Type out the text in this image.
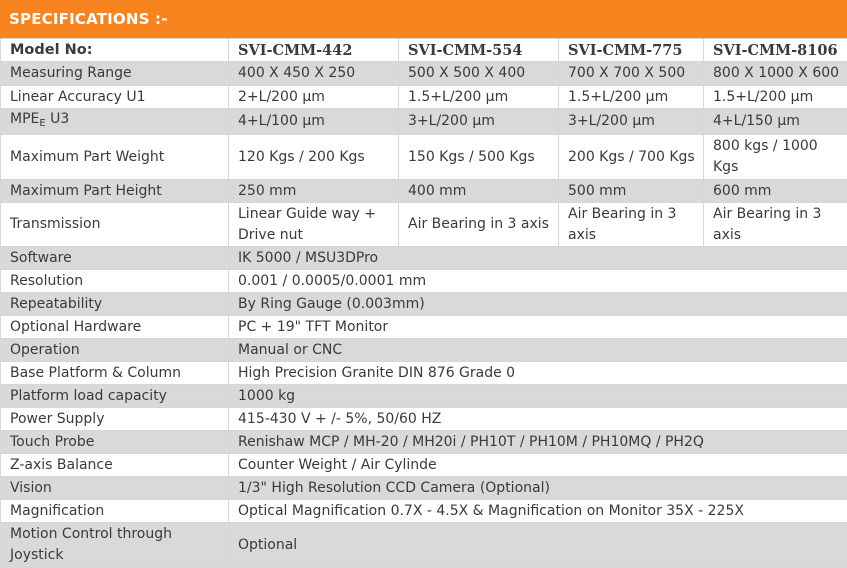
SPECIFICATIONS :-
Model No:	SVI-CMM-442	SVI-CMM-554	SVI-CMM-775	SVI-CMM-8106
Measuring Range	400 X 450 X 250	500 X 500 X 400	700 X 700 X 500	800 X 1000 X 600
Linear Accuracy U1	2+L/200 µm	1.5+L/200 µm	1.5+L/200 µm	1.5+L/200 µm
$MPE_E$ U3	4+L/100 µm	3+L/200 µm	3+L/200 µm	4+L/150 µm
Maximum Part Weight	120 Kgs / 200 Kgs	150 Kgs / 500 Kgs	200 Kgs / 700 Kgs	800 kgs / 1000 Kgs
Maximum Part Height	250 mm	400 mm	500 mm	600 mm
Transmission	Linear Guide way + Drive nut	Air Bearing in 3 axis	Air Bearing in 3 axis	Air Bearing in 3 axis
Software	IK 5000 / MSU3DPro			
Resolution	0.001 / 0.0005/0.0001 mm			
Repeatability	By Ring Gauge (0.003mm)			
Optional Hardware	PC + 19" TFT Monitor			
Operation	Manual or CNC			
Base Platform & Column	High Precision Granite DIN 876 Grade 0			
Platform load capacity	1000 kg			
Power Supply	415-430 V + /- 5%, 50/60 HZ			
Touch Probe	Renishaw MCP / MH-20 / MH20i / PH10T / PH10M / PH10MQ / PH2Q			
Z-axis Balance	Counter Weight / Air Cylinde			
Vision	1/3" High Resolution CCD Camera (Optional)			
Magnification	Optical Magnification 0.7X - 4.5X & Magnification on Monitor 35X - 225X			
Motion Control through Joystick	Optional			
